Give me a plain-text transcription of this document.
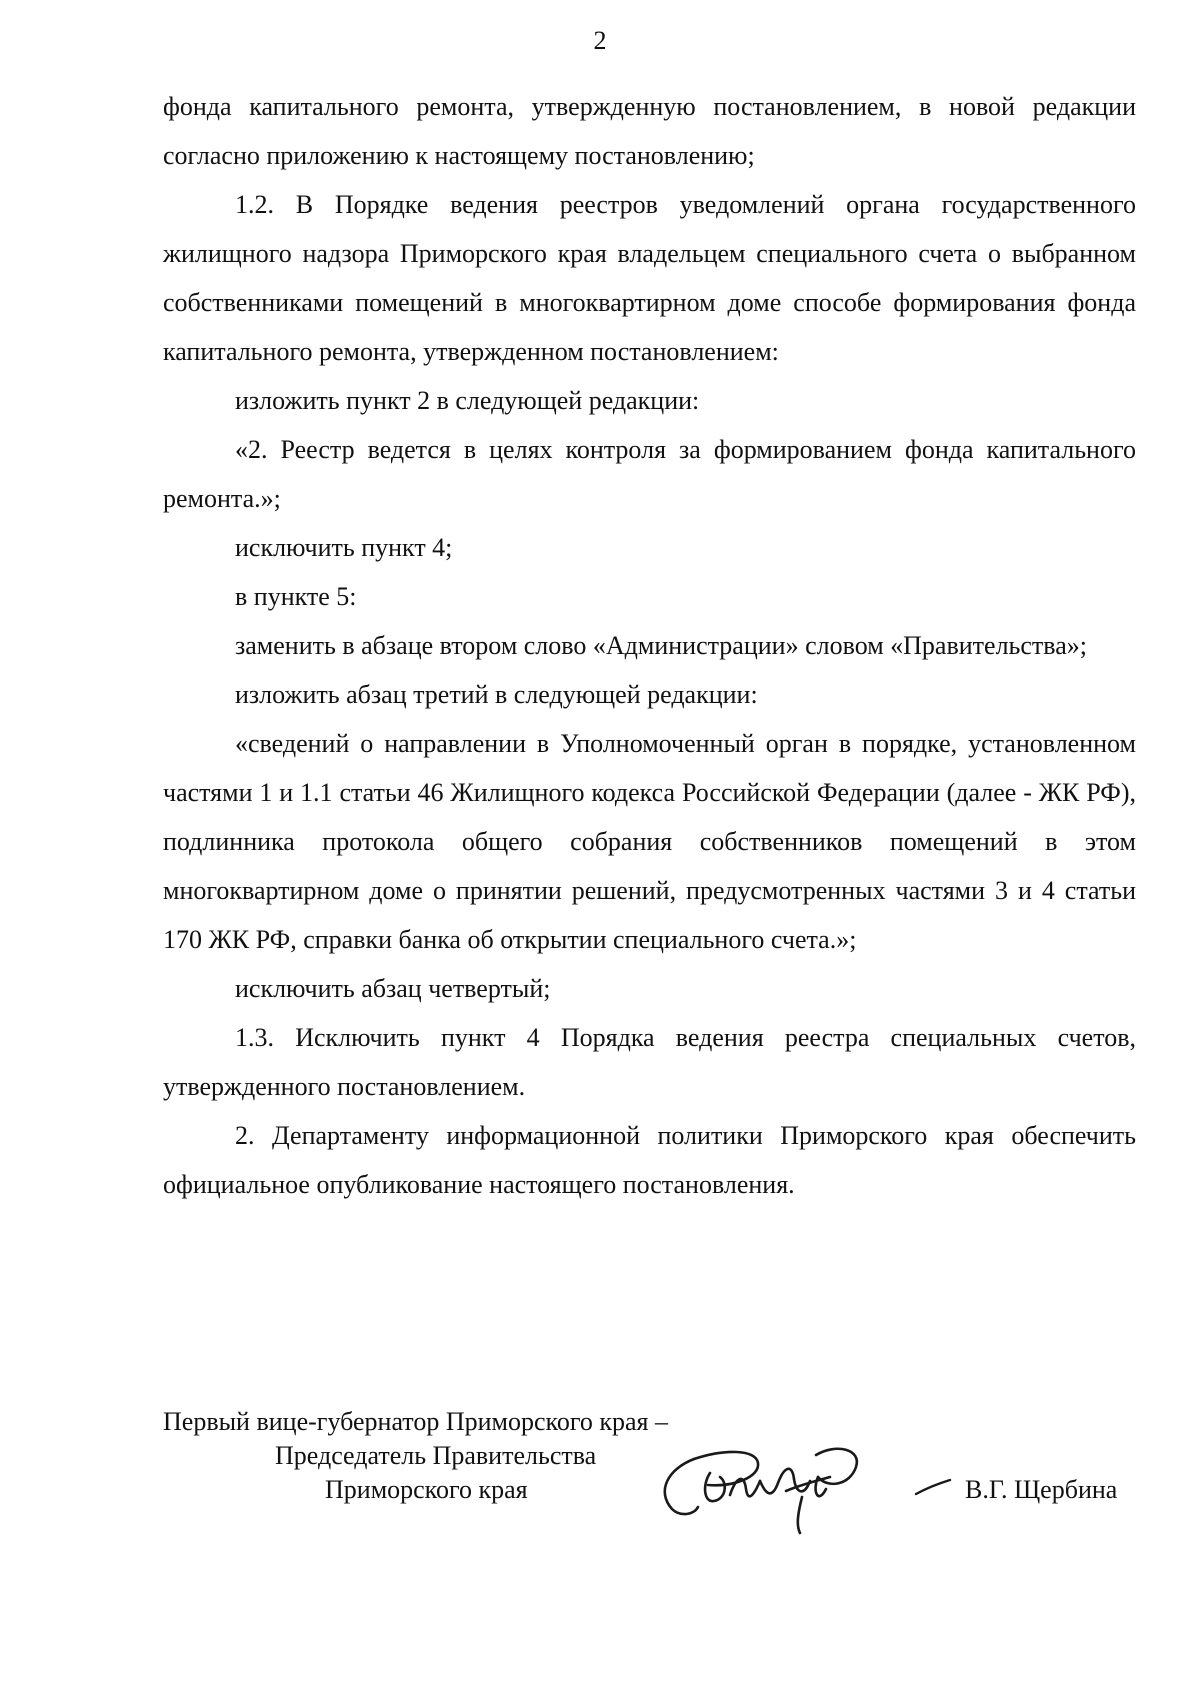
2

фонда капитального ремонта, утвержденную постановлением, в новой редакции согласно приложению к настоящему постановлению;

1.2. В Порядке ведения реестров уведомлений органа государственного жилищного надзора Приморского края владельцем специального счета о выбранном собственниками помещений в многоквартирном доме способе формирования фонда капитального ремонта, утвержденном постановлением:

изложить пункт 2 в следующей редакции:

«2. Реестр ведется в целях контроля за формированием фонда капитального ремонта.»;

исключить пункт 4;

в пункте 5:

заменить в абзаце втором слово «Администрации» словом «Правительства»;

изложить абзац третий в следующей редакции:

«сведений о направлении в Уполномоченный орган в порядке, установленном частями 1 и 1.1 статьи 46 Жилищного кодекса Российской Федерации (далее - ЖК РФ), подлинника протокола общего собрания собственников помещений в этом многоквартирном доме о принятии решений, предусмотренных частями 3 и 4 статьи 170 ЖК РФ, справки банка об открытии специального счета.»;

исключить абзац четвертый;

1.3. Исключить пункт 4 Порядка ведения реестра специальных счетов, утвержденного постановлением.

2. Департаменту информационной политики Приморского края обеспечить официальное опубликование настоящего постановления.

Первый вице-губернатор Приморского края –
Председатель Правительства
Приморского края	В.Г. Щербина
